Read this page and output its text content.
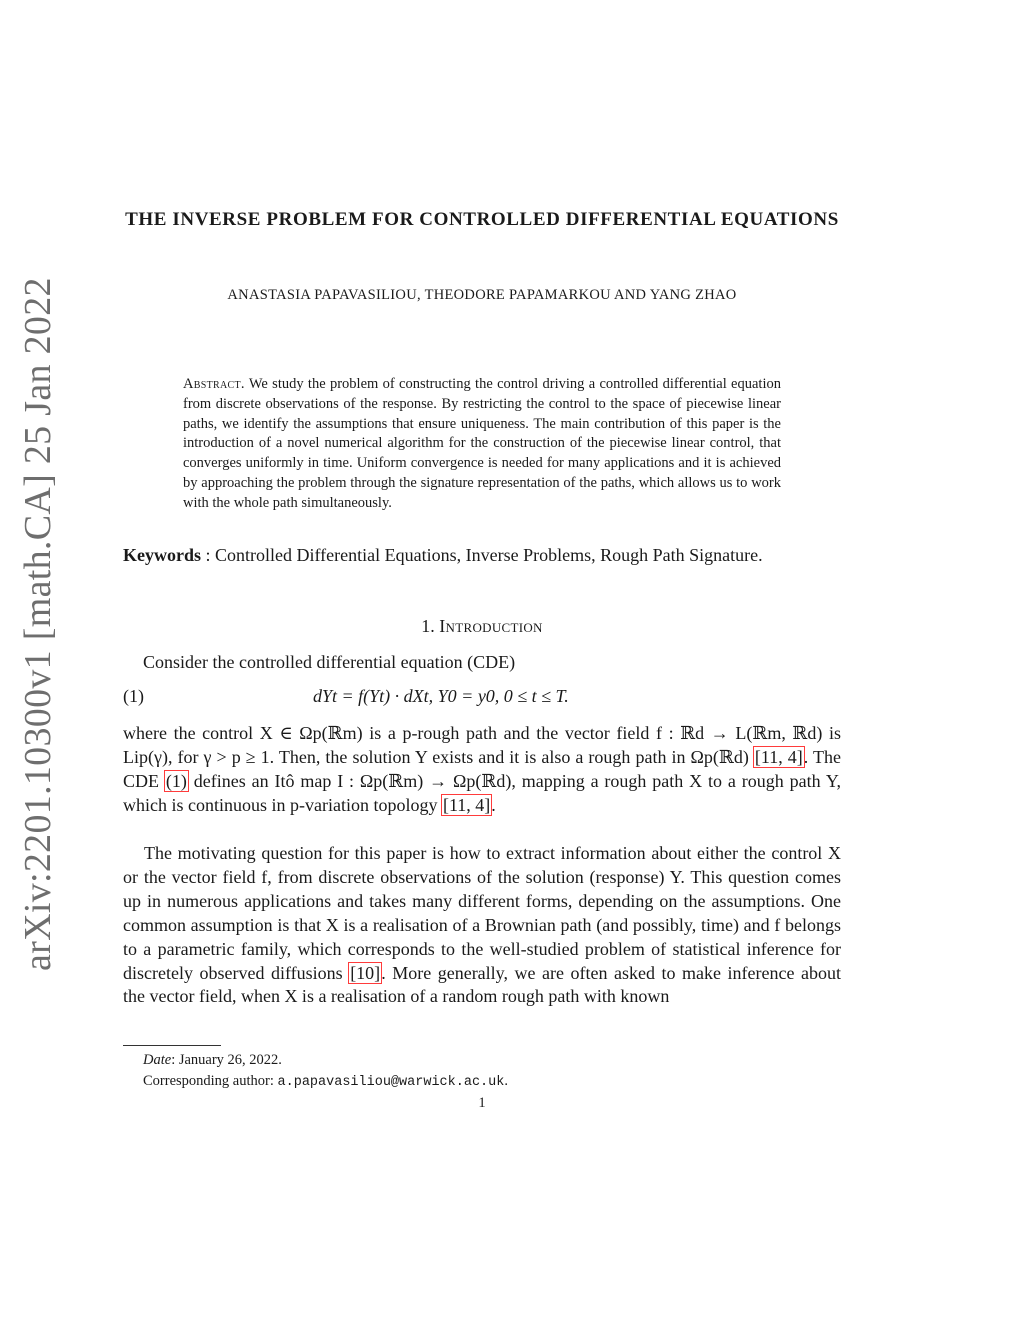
arXiv:2201.10300v1 [math.CA] 25 Jan 2022
THE INVERSE PROBLEM FOR CONTROLLED DIFFERENTIAL EQUATIONS
ANASTASIA PAPAVASILIOU, THEODORE PAPAMARKOU AND YANG ZHAO
Abstract. We study the problem of constructing the control driving a controlled differential equation from discrete observations of the response. By restricting the control to the space of piecewise linear paths, we identify the assumptions that ensure uniqueness. The main contribution of this paper is the introduction of a novel numerical algorithm for the construction of the piecewise linear control, that converges uniformly in time. Uniform convergence is needed for many applications and it is achieved by approaching the problem through the signature representation of the paths, which allows us to work with the whole path simultaneously.
Keywords : Controlled Differential Equations, Inverse Problems, Rough Path Signature.
1. Introduction
Consider the controlled differential equation (CDE)
(1)	dYt = f(Yt) · dXt, Y0 = y0, 0 ≤ t ≤ T.
where the control X ∈ Ωp(ℝm) is a p-rough path and the vector field f : ℝd → L(ℝm, ℝd) is Lip(γ), for γ > p ≥ 1. Then, the solution Y exists and it is also a rough path in Ωp(ℝd) [11, 4]. The CDE (1) defines an Itô map I : Ωp(ℝm) → Ωp(ℝd), mapping a rough path X to a rough path Y, which is continuous in p-variation topology [11, 4].
The motivating question for this paper is how to extract information about either the control X or the vector field f, from discrete observations of the solution (response) Y. This question comes up in numerous applications and takes many different forms, depending on the assumptions. One common assumption is that X is a realisation of a Brownian path (and possibly, time) and f belongs to a parametric family, which corresponds to the well-studied problem of statistical inference for discretely observed diffusions [10]. More generally, we are often asked to make inference about the vector field, when X is a realisation of a random rough path with known
Date: January 26, 2022.
Corresponding author: a.papavasiliou@warwick.ac.uk.
1
